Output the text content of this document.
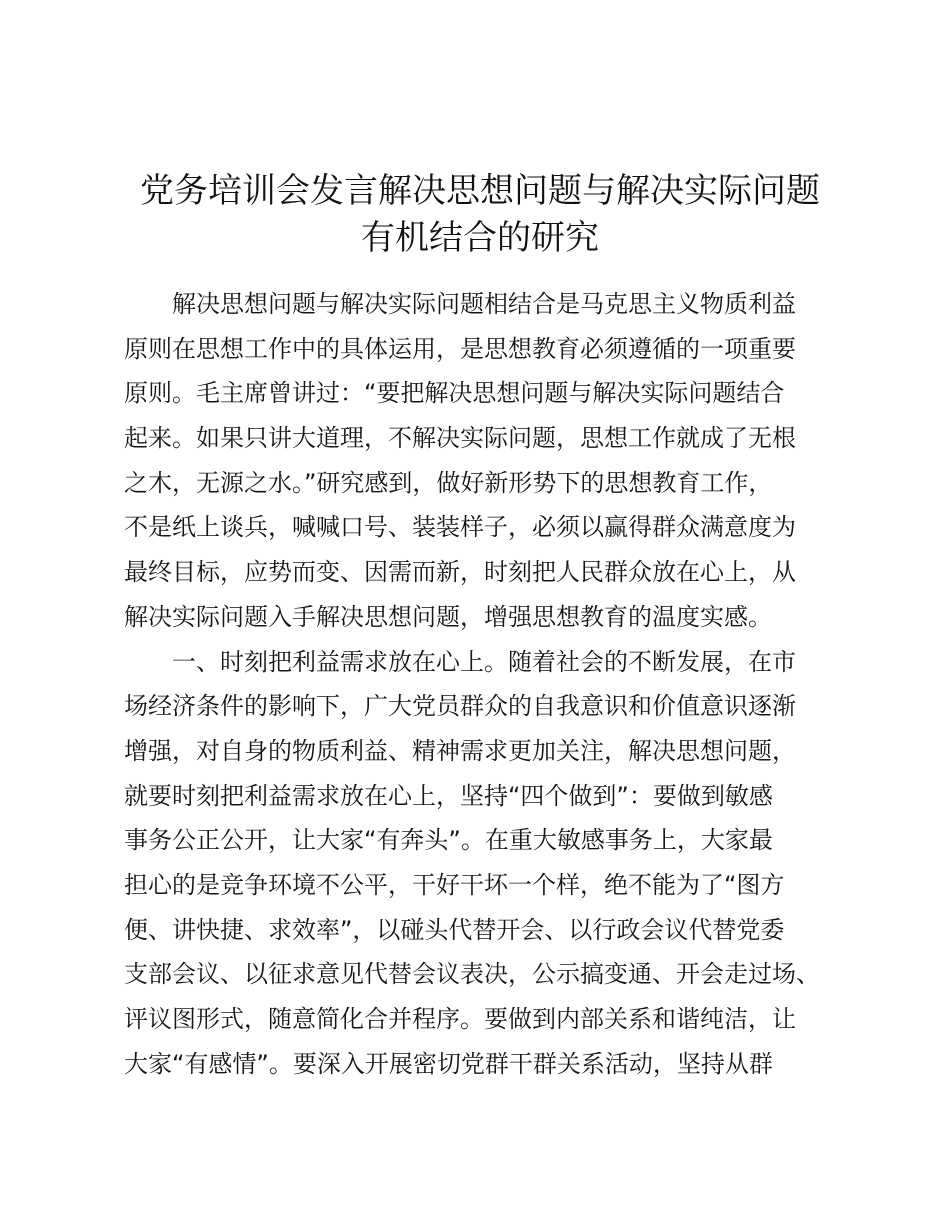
党务培训会发言解决思想问题与解决实际问题
有机结合的研究
解决思想问题与解决实际问题相结合是马克思主义物质利益
原则在思想工作中的具体运用，是思想教育必须遵循的一项重要
原则。毛主席曾讲过：“要把解决思想问题与解决实际问题结合
起来。如果只讲大道理，不解决实际问题，思想工作就成了无根
之木，无源之水。”研究感到，做好新形势下的思想教育工作，
不是纸上谈兵，喊喊口号、装装样子，必须以赢得群众满意度为
最终目标，应势而变、因需而新，时刻把人民群众放在心上，从
解决实际问题入手解决思想问题，增强思想教育的温度实感。
一、时刻把利益需求放在心上。随着社会的不断发展，在市
场经济条件的影响下，广大党员群众的自我意识和价值意识逐渐
增强，对自身的物质利益、精神需求更加关注，解决思想问题，
就要时刻把利益需求放在心上，坚持“四个做到”：要做到敏感
事务公正公开，让大家“有奔头”。在重大敏感事务上，大家最
担心的是竞争环境不公平，干好干坏一个样，绝不能为了“图方
便、讲快捷、求效率”，以碰头代替开会、以行政会议代替党委
支部会议、以征求意见代替会议表决，公示搞变通、开会走过场、
评议图形式，随意简化合并程序。要做到内部关系和谐纯洁，让
大家“有感情”。要深入开展密切党群干群关系活动，坚持从群
